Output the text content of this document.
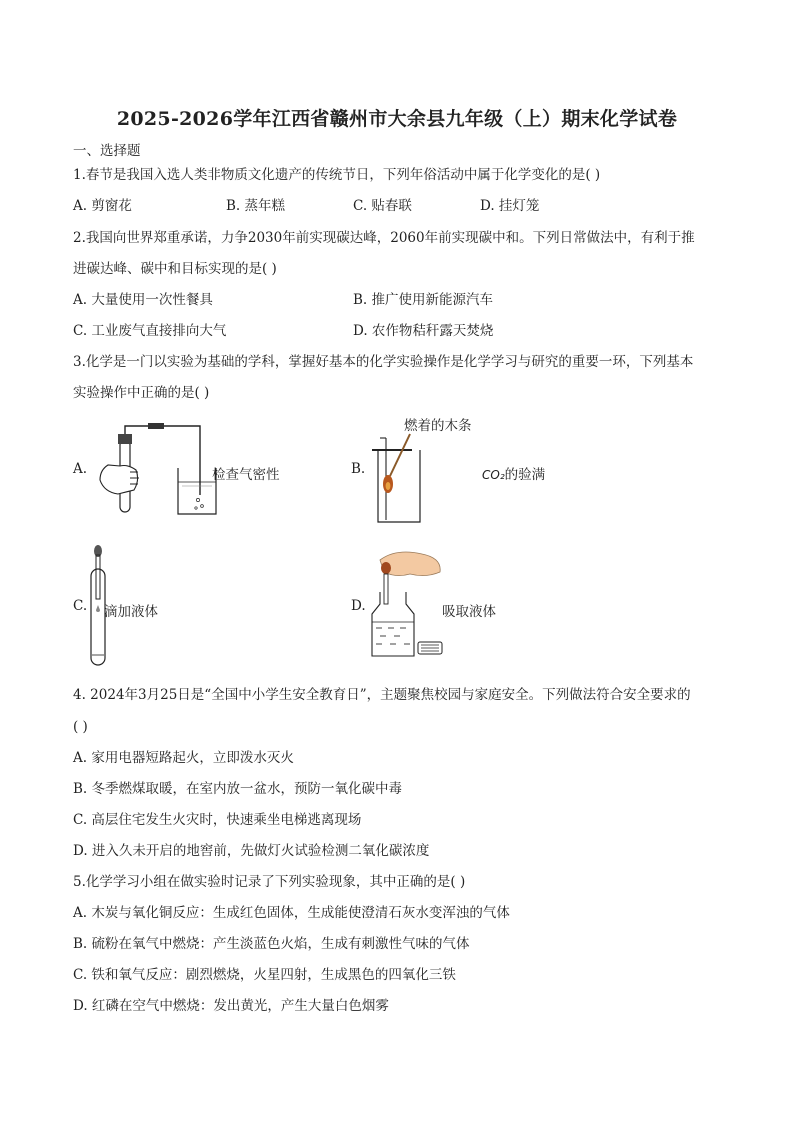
2025-2026学年江西省赣州市大余县九年级（上）期末化学试卷
一、选择题
1.春节是我国入选人类非物质文化遗产的传统节日，下列年俗活动中属于化学变化的是( )
A. 剪窗花	B. 蒸年糕	C. 贴春联	D. 挂灯笼
2.我国向世界郑重承诺，力争2030年前实现碳达峰，2060年前实现碳中和。下列日常做法中，有利于推
进碳达峰、碳中和目标实现的是( )
A. 大量使用一次性餐具	B. 推广使用新能源汽车
C. 工业废气直接排向大气	D. 农作物秸秆露天焚烧
3.化学是一门以实验为基础的学科，掌握好基本的化学实验操作是化学学习与研究的重要一环，下列基本
实验操作中正确的是( )
A.	检查气密性
燃着的木条
B.	CO₂的验满
C. 滴加液体	D.	吸取液体
4. 2024年3月25日是“全国中小学生安全教育日”，主题聚焦校园与家庭安全。下列做法符合安全要求的
( )
A. 家用电器短路起火，立即泼水灭火
B. 冬季燃煤取暖，在室内放一盆水，预防一氧化碳中毒
C. 高层住宅发生火灾时，快速乘坐电梯逃离现场
D. 进入久未开启的地窖前，先做灯火试验检测二氧化碳浓度
5.化学学习小组在做实验时记录了下列实验现象，其中正确的是( )
A. 木炭与氧化铜反应：生成红色固体，生成能使澄清石灰水变浑浊的气体
B. 硫粉在氧气中燃烧：产生淡蓝色火焰，生成有刺激性气味的气体
C. 铁和氧气反应：剧烈燃烧，火星四射，生成黑色的四氧化三铁
D. 红磷在空气中燃烧：发出黄光，产生大量白色烟雾
